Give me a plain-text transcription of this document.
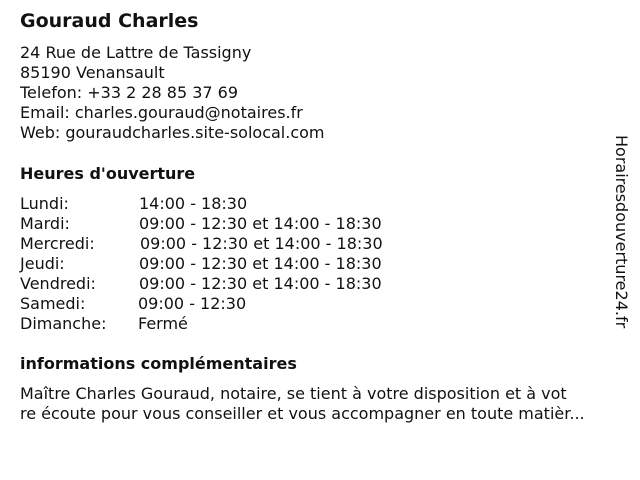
Gouraud Charles
24 Rue de Lattre de Tassigny
85190 Venansault
Telefon: +33 2 28 85 37 69
Email: charles.gouraud@notaires.fr
Web: gouraudcharles.site-solocal.com
Heures d'ouverture
Lundi:	14:00 - 18:30
Mardi:	09:00 - 12:30 et 14:00 - 18:30
Mercredi:	09:00 - 12:30 et 14:00 - 18:30
Jeudi:	09:00 - 12:30 et 14:00 - 18:30
Vendredi:	09:00 - 12:30 et 14:00 - 18:30
Samedi:	09:00 - 12:30
Dimanche: Fermé
informations complémentaires
Maître Charles Gouraud, notaire, se tient à votre disposition et à vot
re écoute pour vous conseiller et vous accompagner en toute matièr...
Horairesdouverture24.fr
